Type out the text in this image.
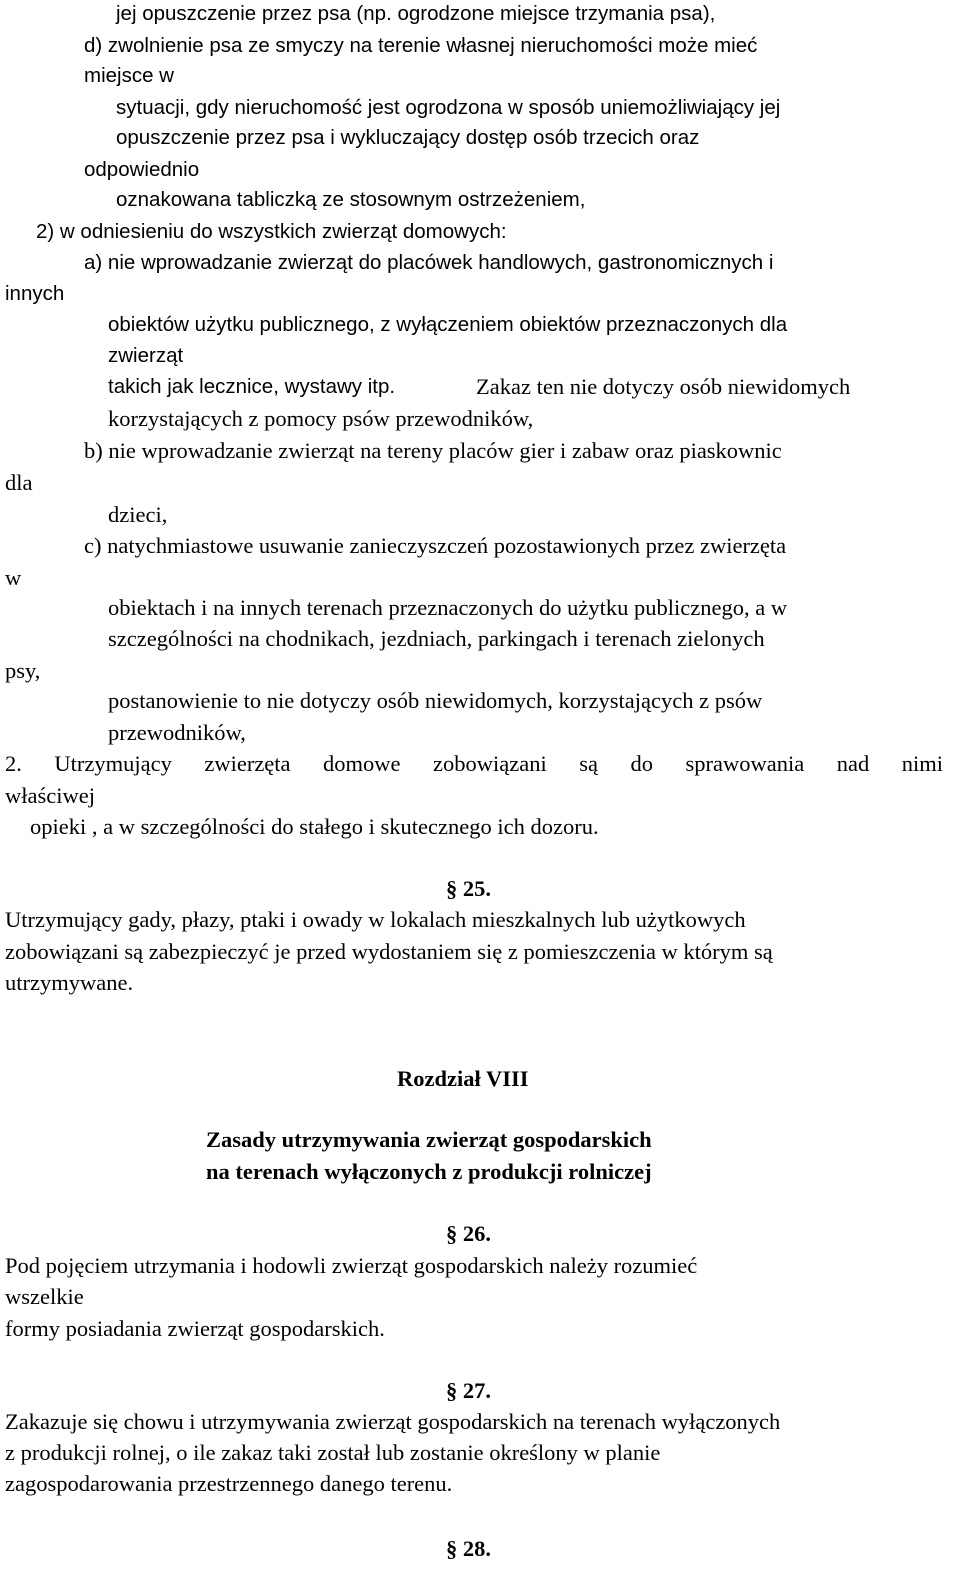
jej opuszczenie przez psa (np. ogrodzone miejsce trzymania psa),
d) zwolnienie psa ze smyczy na terenie własnej nieruchomości może mieć
miejsce w
sytuacji, gdy nieruchomość jest ogrodzona w sposób uniemożliwiający jej
opuszczenie przez psa i wykluczający dostęp osób trzecich oraz
odpowiednio
oznakowana tabliczką ze stosownym ostrzeżeniem,
2) w odniesieniu do wszystkich zwierząt domowych:
a) nie wprowadzanie zwierząt do placówek handlowych, gastronomicznych i
innych
obiektów użytku publicznego, z wyłączeniem obiektów przeznaczonych dla
zwierząt
takich jak lecznice, wystawy itp.	Zakaz ten nie dotyczy osób niewidomych
korzystających z pomocy psów przewodników,
b) nie wprowadzanie zwierząt na tereny placów gier i zabaw oraz piaskownic
dla
dzieci,
c) natychmiastowe usuwanie zanieczyszczeń pozostawionych przez zwierzęta
w
obiektach i na innych terenach przeznaczonych do użytku publicznego, a w
szczególności na chodnikach, jezdniach, parkingach i terenach zielonych
psy,
postanowienie to nie dotyczy osób niewidomych, korzystających z psów
przewodników,
2. Utrzymujący zwierzęta domowe zobowiązani są do sprawowania nad nimi
właściwej
opieki , a w szczególności do stałego i skutecznego ich dozoru.
§ 25.
Utrzymujący gady, płazy, ptaki i owady w lokalach mieszkalnych lub użytkowych
zobowiązani są zabezpieczyć je przed wydostaniem się z pomieszczenia w którym są
utrzymywane.
Rozdział VIII
Zasady utrzymywania zwierząt gospodarskich
na terenach wyłączonych z produkcji rolniczej
§ 26.
Pod pojęciem utrzymania i hodowli zwierząt gospodarskich należy rozumieć
wszelkie
formy posiadania zwierząt gospodarskich.
§ 27.
Zakazuje się chowu i utrzymywania zwierząt gospodarskich na terenach wyłączonych
z produkcji rolnej, o ile zakaz taki został lub zostanie określony w planie
zagospodarowania przestrzennego danego terenu.
§ 28.
